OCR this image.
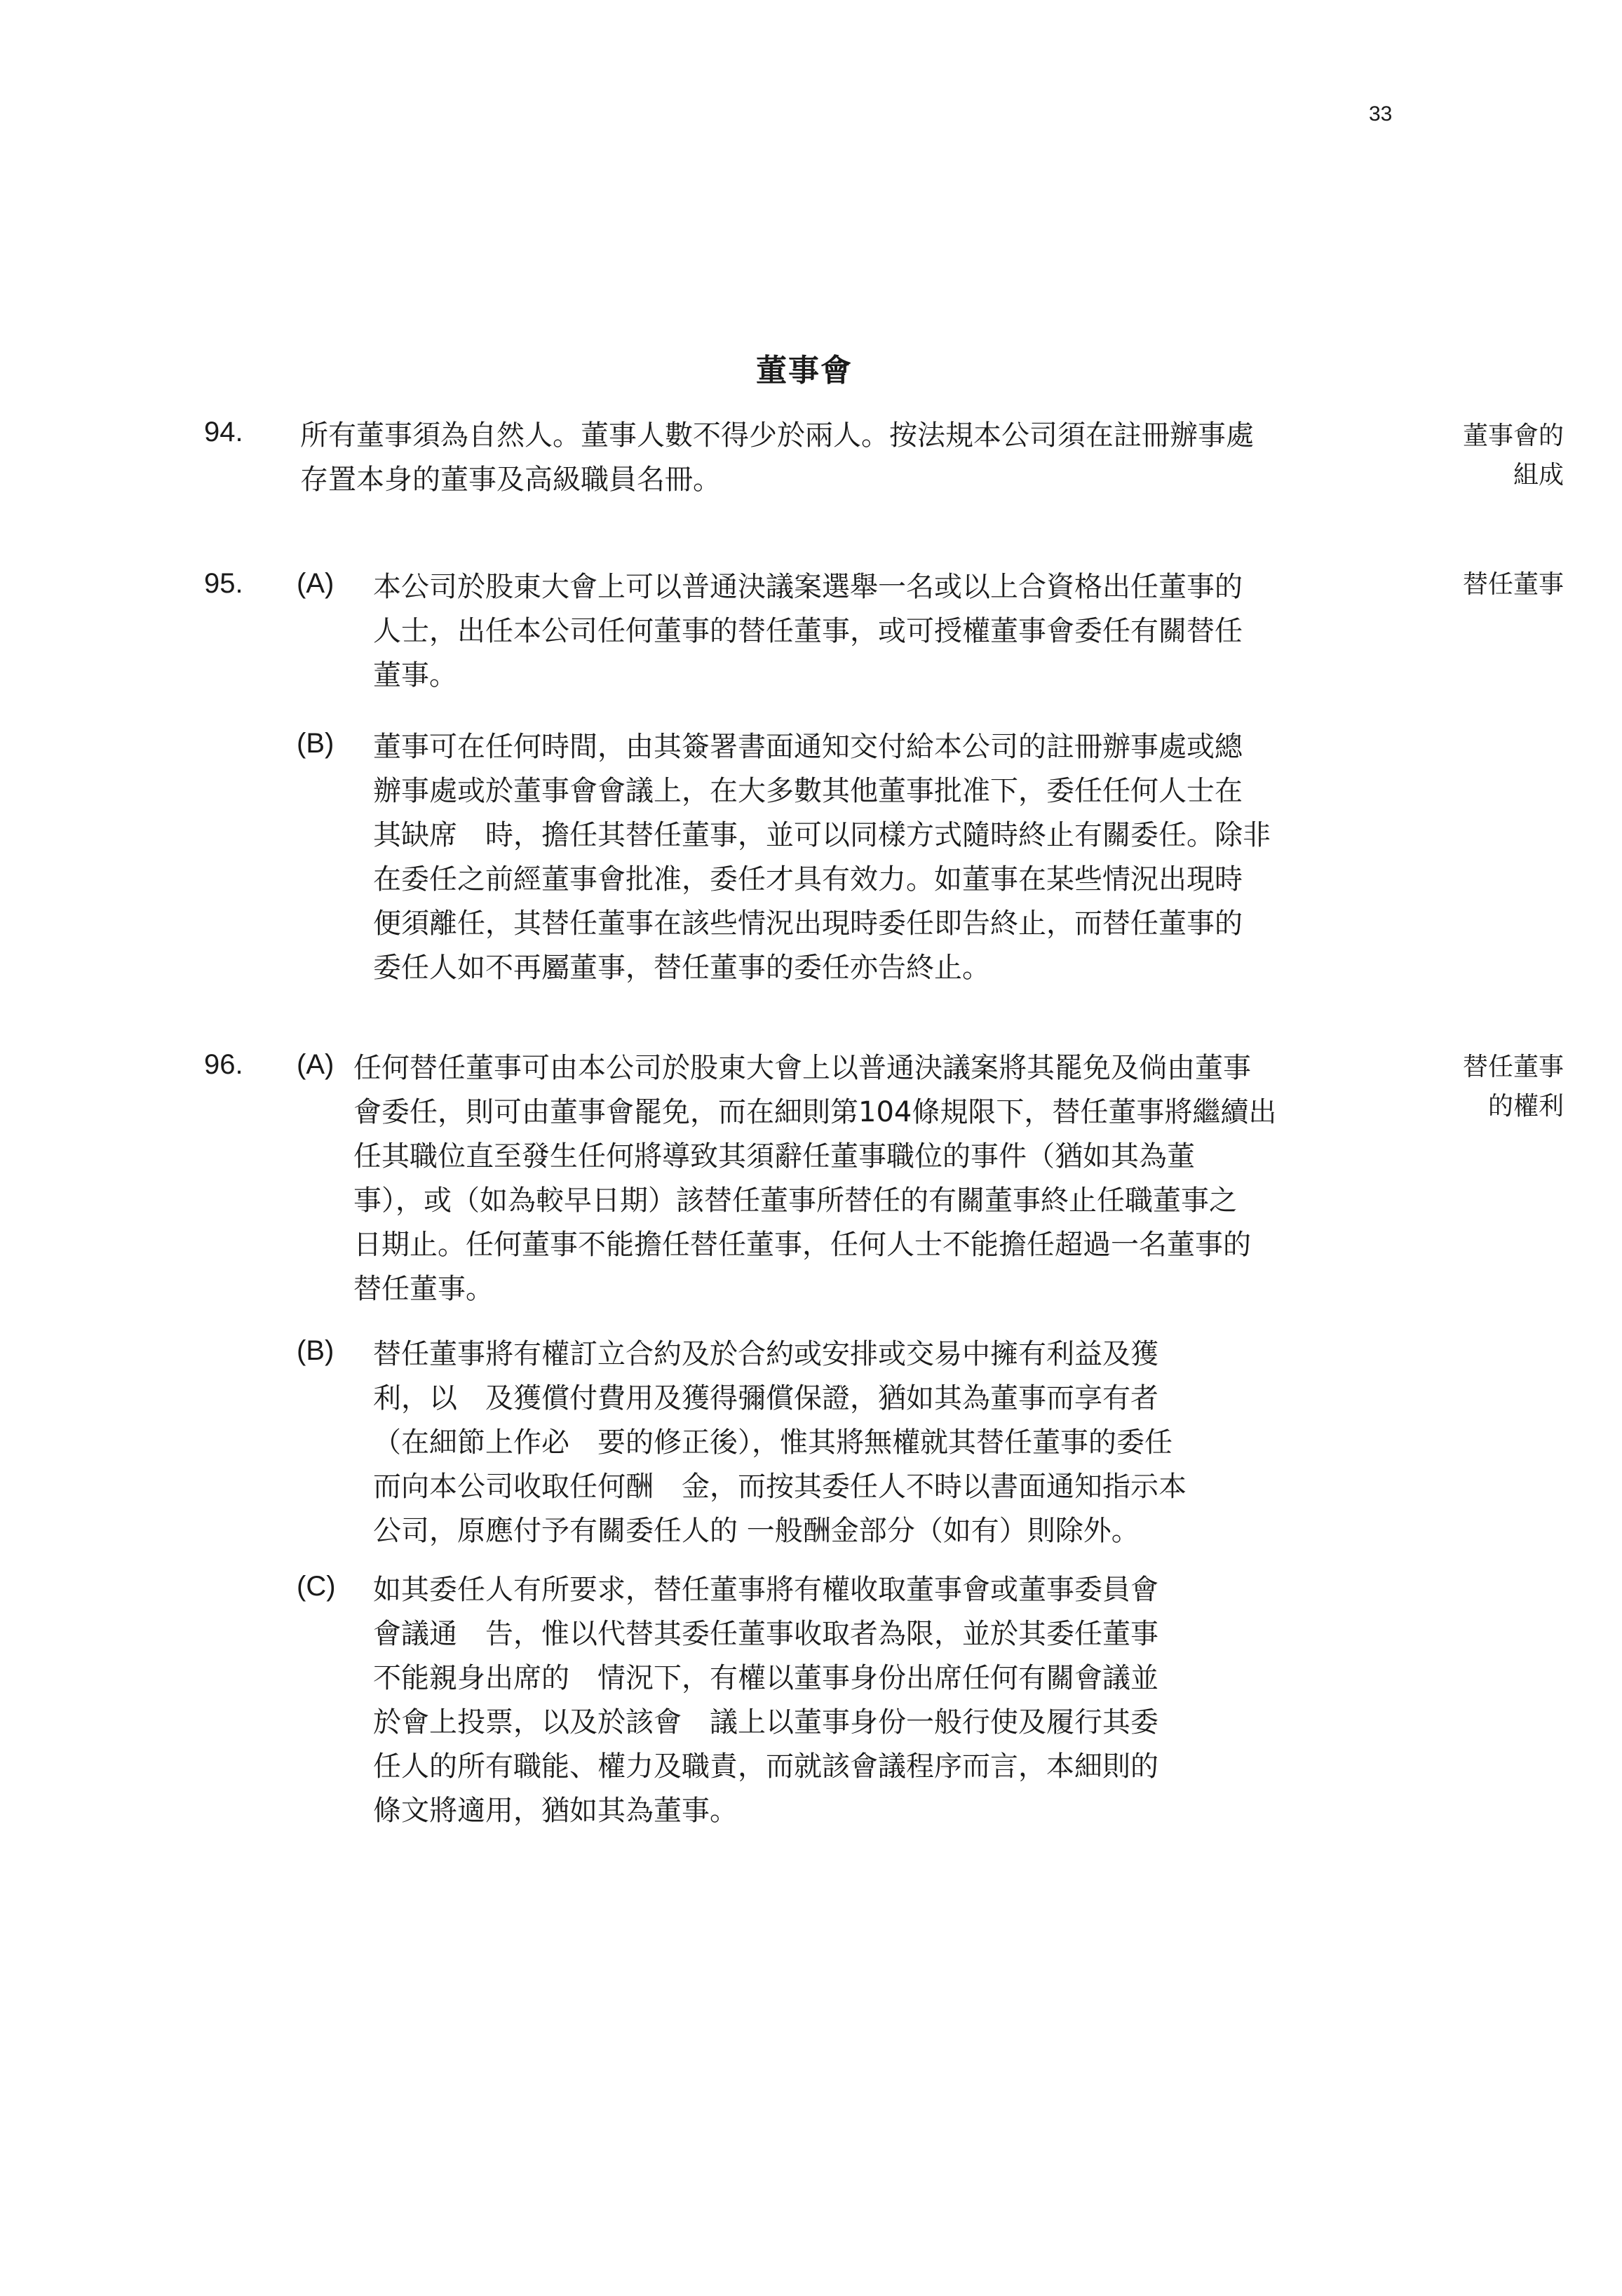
33
董事會
94. 所有董事須為自然人。董事人數不得少於兩人。按法規本公司須在註冊辦事處
存置本身的董事及高級職員名冊。

董事會的
組成
95. (A) 本公司於股東大會上可以普通決議案選舉一名或以上合資格出任董事的
人士，出任本公司任何董事的替任董事，或可授權董事會委任有關替任
董事。

替任董事
(B) 董事可在任何時間，由其簽署書面通知交付給本公司的註冊辦事處或總
辦事處或於董事會會議上，在大多數其他董事批准下，委任任何人士在
其缺席　時，擔任其替任董事，並可以同樣方式隨時終止有關委任。除非
在委任之前經董事會批准，委任才具有效力。如董事在某些情況出現時
便須離任，其替任董事在該些情況出現時委任即告終止，而替任董事的
委任人如不再屬董事，替任董事的委任亦告終止。

96. (A) 任何替任董事可由本公司於股東大會上以普通決議案將其罷免及倘由董事
會委任，則可由董事會罷免，而在細則第104條規限下，替任董事將繼續出
任其職位直至發生任何將導致其須辭任董事職位的事件（猶如其為董
事），或（如為較早日期）該替任董事所替任的有關董事終止任職董事之
日期止。任何董事不能擔任替任董事，任何人士不能擔任超過一名董事的
替任董事。

替任董事
的權利
(B) 替任董事將有權訂立合約及於合約或安排或交易中擁有利益及獲
利，以　及獲償付費用及獲得彌償保證，猶如其為董事而享有者
（在細節上作必　要的修正後），惟其將無權就其替任董事的委任
而向本公司收取任何酬　金，而按其委任人不時以書面通知指示本
公司，原應付予有關委任人的 一般酬金部分（如有）則除外。

(C) 如其委任人有所要求，替任董事將有權收取董事會或董事委員會
會議通　告，惟以代替其委任董事收取者為限，並於其委任董事
不能親身出席的　情況下，有權以董事身份出席任何有關會議並
於會上投票，以及於該會　議上以董事身份一般行使及履行其委
任人的所有職能、權力及職責，而就該會議程序而言，本細則的
條文將適用，猶如其為董事。
